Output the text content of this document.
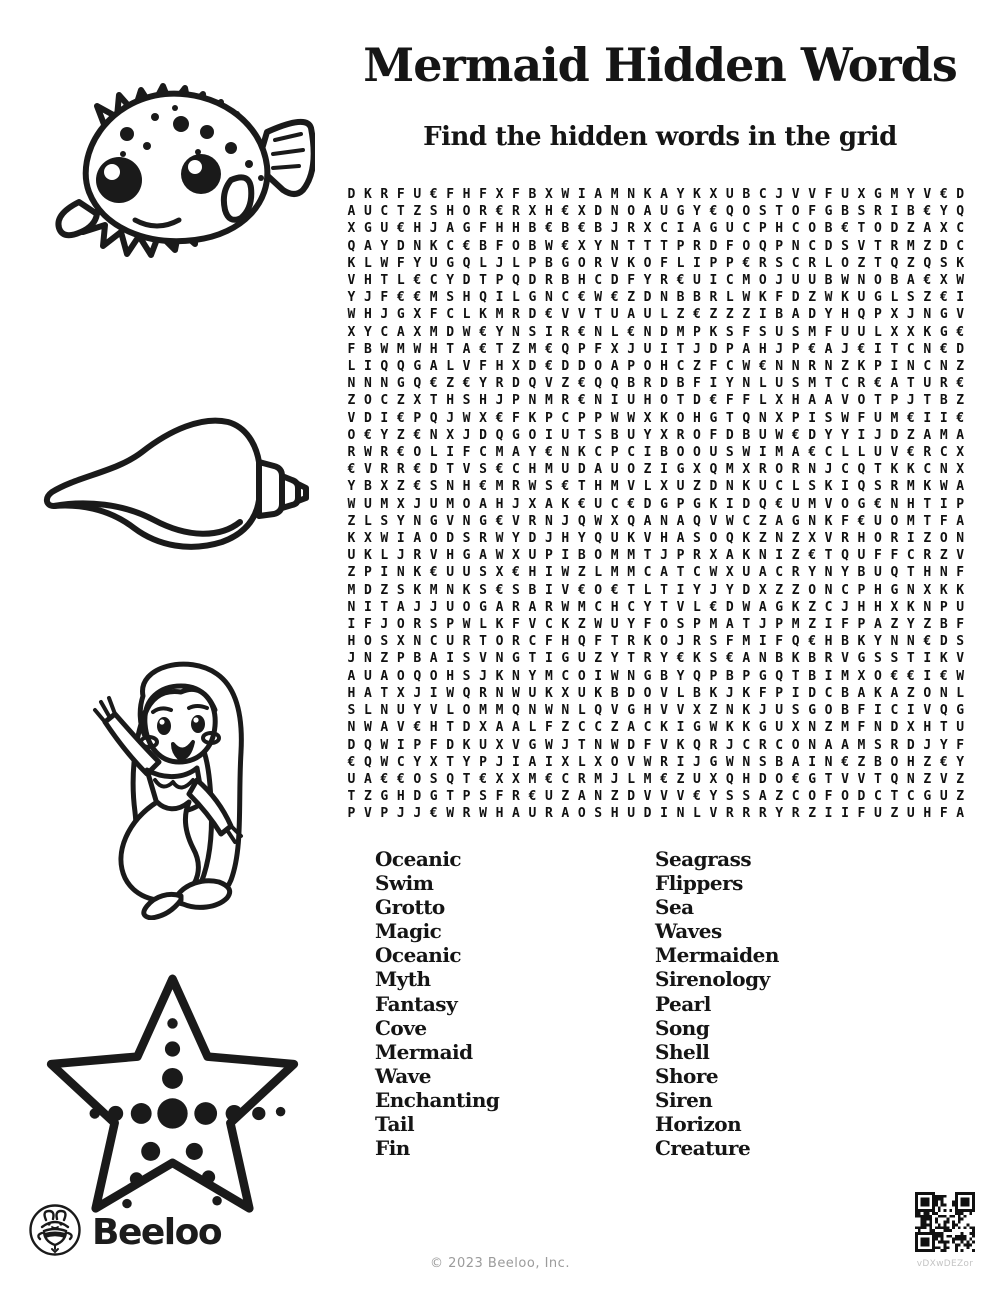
Mermaid Hidden Words
Find the hidden words in the grid
D K R F U € F H F X F B X W I A M N K A Y K X U B C J V V F U X G M Y V € D
A U C T Z S H O R € R X H € X D N O A U G Y € Q O S T O F G B S R I B € Y Q
X G U € H J A G F H H B € B € B J R X C I A G U C P H C O B € T O D Z A X C
Q A Y D N K C € B F O B W € X Y N T T T P R D F O Q P N C D S V T R M Z D C
K L W F Y U G Q L J L P B G O R V K O F L I P P € R S C R L O Z T Q Z Q S K
V H T L € C Y D T P Q D R B H C D F Y R € U I C M O J U U B W N O B A € X W
Y J F € € M S H Q I L G N C € W € Z D N B B R L W K F D Z W K U G L S Z € I
W H J G X F C L K M R D € V V T U A U L Z € Z Z Z I B A D Y H Q P X J N G V
X Y C A X M D W € Y N S I R € N L € N D M P K S F S U S M F U U L X X K G €
F B W M W H T A € T Z M € Q P F X J U I T J D P A H J P € A J € I T C N € D
L I Q Q G A L V F H X D € D D O A P O H C Z F C W € N N R N Z K P I N C N Z
N N N G Q € Z € Y R D Q V Z € Q Q B R D B F I Y N L U S M T C R € A T U R €
Z O C Z X T H S H J P N M R € N I U H O T D € F F L X H A A V O T P J T B Z
V D I € P Q J W X € F K P C P P W W X K O H G T Q N X P I S W F U M € I I €
O € Y Z € N X J D Q G O I U T S B U Y X R O F D B U W € D Y Y I J D Z A M A
R W R € O L I F C M A Y € N K C P C I B O O U S W I M A € C L L U V € R C X
€ V R R € D T V S € C H M U D A U O Z I G X Q M X R O R N J C Q T K K C N X
Y B X Z € S N H € M R W S € T H M V L X U Z D N K U C L S K I Q S R M K W A
W U M X J U M O A H J X A K € U C € D G P G K I D Q € U M V O G € N H T I P
Z L S Y N G V N G € V R N J Q W X Q A N A Q V W C Z A G N K F € U O M T F A
K X W I A O D S R W Y D J H Y Q U K V H A S O Q K Z N Z X V R H O R I Z O N
U K L J R V H G A W X U P I B O M M T J P R X A K N I Z € T Q U F F C R Z V
Z P I N K € U U S X € H I W Z L M M C A T C W X U A C R Y N Y B U Q T H N F
M D Z S K M N K S € S B I V € O € T L T I Y J Y D X Z Z O N C P H G N X K K
N I T A J J U O G A R A R W M C H C Y T V L € D W A G K Z C J H H X K N P U
I F J O R S P W L K F V C K Z W U Y F O S P M A T J P M Z I F P A Z Y Z B F
H O S X N C U R T O R C F H Q F T R K O J R S F M I F Q € H B K Y N N € D S
J N Z P B A I S V N G T I G U Z Y T R Y € K S € A N B K B R V G S S T I K V
A U A O Q O H S J K N Y M C O I W N G B Y Q P B P G Q T B I M X O € € I € W
H A T X J I W Q R N W U K X U K B D O V L B K J K F P I D C B A K A Z O N L
S L N U Y V L O M M Q N W N L Q V G H V V X Z N K J U S G O B F I C I V Q G
N W A V € H T D X A A L F Z C C Z A C K I G W K K G U X N Z M F N D X H T U
D Q W I P F D K U X V G W J T N W D F V K Q R J C R C O N A A M S R D J Y F
€ Q W C Y X T Y P J I A I X L X O V W R I J G W N S B A I N € Z B O H Z € Y
U A € € O S Q T € X X M € C R M J L M € Z U X Q H D O € G T V V T Q N Z V Z
T Z G H D G T P S F R € U Z A N Z D V V V € Y S S A Z C O F O D C T C G U Z
P V P J J € W R W H A U R A O S H U D I N L V R R R Y R Z I I F U Z U H F A
Oceanic
Swim
Grotto
Magic
Oceanic
Myth
Fantasy
Cove
Mermaid
Wave
Enchanting
Tail
Fin
Seagrass
Flippers
Sea
Waves
Mermaiden
Sirenology
Pearl
Song
Shell
Shore
Siren
Horizon
Creature
Beeloo
© 2023 Beeloo, Inc.	vDXwDEZor
